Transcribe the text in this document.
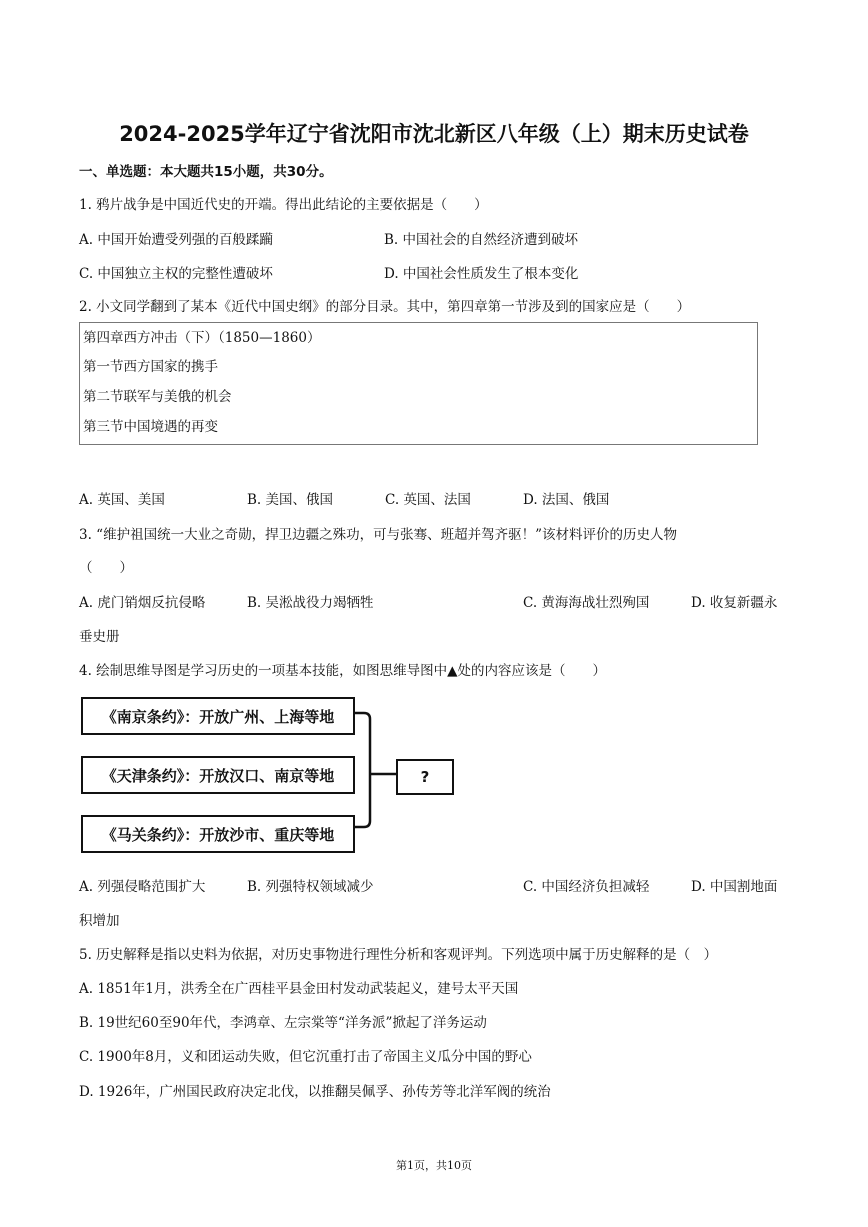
2024-2025学年辽宁省沈阳市沈北新区八年级（上）期末历史试卷
一、单选题：本大题共15小题，共30分。
1. 鸦片战争是中国近代史的开端。得出此结论的主要依据是（　　）
A. 中国开始遭受列强的百般蹂躏	B. 中国社会的自然经济遭到破坏
C. 中国独立主权的完整性遭破坏	D. 中国社会性质发生了根本变化
2. 小文同学翻到了某本《近代中国史纲》的部分目录。其中，第四章第一节涉及到的国家应是（　　）
第四章西方冲击（下）（1850—1860）
第一节西方国家的携手
第二节联军与美俄的机会
第三节中国境遇的再变
A. 英国、美国	B. 美国、俄国	C. 英国、法国	D. 法国、俄国
3. “维护祖国统一大业之奇勋，捍卫边疆之殊功，可与张骞、班超并驾齐驱！”该材料评价的历史人物
（　　）
A. 虎门销烟反抗侵略	B. 吴淞战役力竭牺牲	C. 黄海海战壮烈殉国	D. 收复新疆永
垂史册
4. 绘制思维导图是学习历史的一项基本技能，如图思维导图中▲处的内容应该是（　　）
《南京条约》：开放广州、上海等地
《天津条约》：开放汉口、南京等地
《马关条约》：开放沙市、重庆等地
?
A. 列强侵略范围扩大	B. 列强特权领域减少	C. 中国经济负担减轻	D. 中国割地面
积增加
5. 历史解释是指以史料为依据，对历史事物进行理性分析和客观评判。下列选项中属于历史解释的是（　）
A. 1851年1月，洪秀全在广西桂平县金田村发动武装起义，建号太平天国
B. 19世纪60至90年代，李鸿章、左宗棠等“洋务派”掀起了洋务运动
C. 1900年8月，义和团运动失败，但它沉重打击了帝国主义瓜分中国的野心
D. 1926年，广州国民政府决定北伐，以推翻吴佩孚、孙传芳等北洋军阀的统治
第1页，共10页
